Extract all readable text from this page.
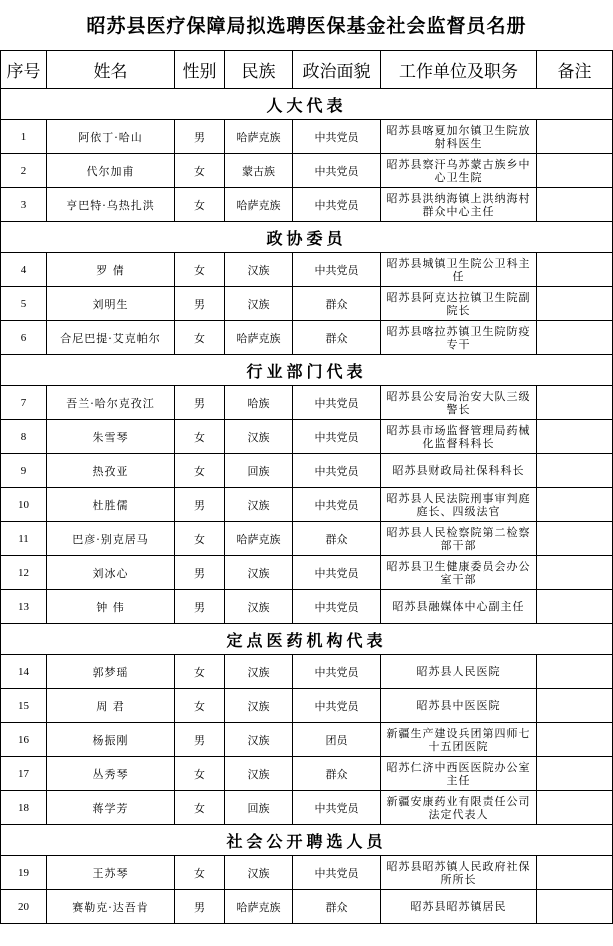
昭苏县医疗保障局拟选聘医保基金社会监督员名册
序号	姓名	性别	民族	政治面貌	工作单位及职务	备注
人大代表						
1	阿依丁·哈山	男	哈萨克族	中共党员	昭苏县喀夏加尔镇卫生院放射科医生	
2	代尔加甫	女	蒙古族	中共党员	昭苏县察汗乌苏蒙古族乡中心卫生院	
3	亨巴特·乌热扎洪	女	哈萨克族	中共党员	昭苏县洪纳海镇上洪纳海村群众中心主任	
政协委员						
4	罗 倩	女	汉族	中共党员	昭苏县城镇卫生院公卫科主任	
5	刘明生	男	汉族	群众	昭苏县阿克达拉镇卫生院副院长	
6	合尼巴提·艾克帕尔	女	哈萨克族	群众	昭苏县喀拉苏镇卫生院防疫专干	
行业部门代表						
7	吾兰·哈尔克孜江	男	哈族	中共党员	昭苏县公安局治安大队三级警长	
8	朱雪琴	女	汉族	中共党员	昭苏县市场监督管理局药械化监督科科长	
9	热孜亚	女	回族	中共党员	昭苏县财政局社保科科长	
10	杜胜儒	男	汉族	中共党员	昭苏县人民法院刑事审判庭庭长、四级法官	
11	巴彦·别克居马	女	哈萨克族	群众	昭苏县人民检察院第二检察部干部	
12	刘冰心	男	汉族	中共党员	昭苏县卫生健康委员会办公室干部	
13	钟 伟	男	汉族	中共党员	昭苏县融媒体中心副主任	
定点医药机构代表						
14	郭梦瑶	女	汉族	中共党员	昭苏县人民医院	
15	周 君	女	汉族	中共党员	昭苏县中医医院	
16	杨振刚	男	汉族	团员	新疆生产建设兵团第四师七十五团医院	
17	丛秀琴	女	汉族	群众	昭苏仁济中西医医院办公室主任	
18	蒋学芳	女	回族	中共党员	新疆安康药业有限责任公司法定代表人	
社会公开聘选人员						
19	王苏琴	女	汉族	中共党员	昭苏县昭苏镇人民政府社保所所长	
20	赛勒克·达吾肯	男	哈萨克族	群众	昭苏县昭苏镇居民	
